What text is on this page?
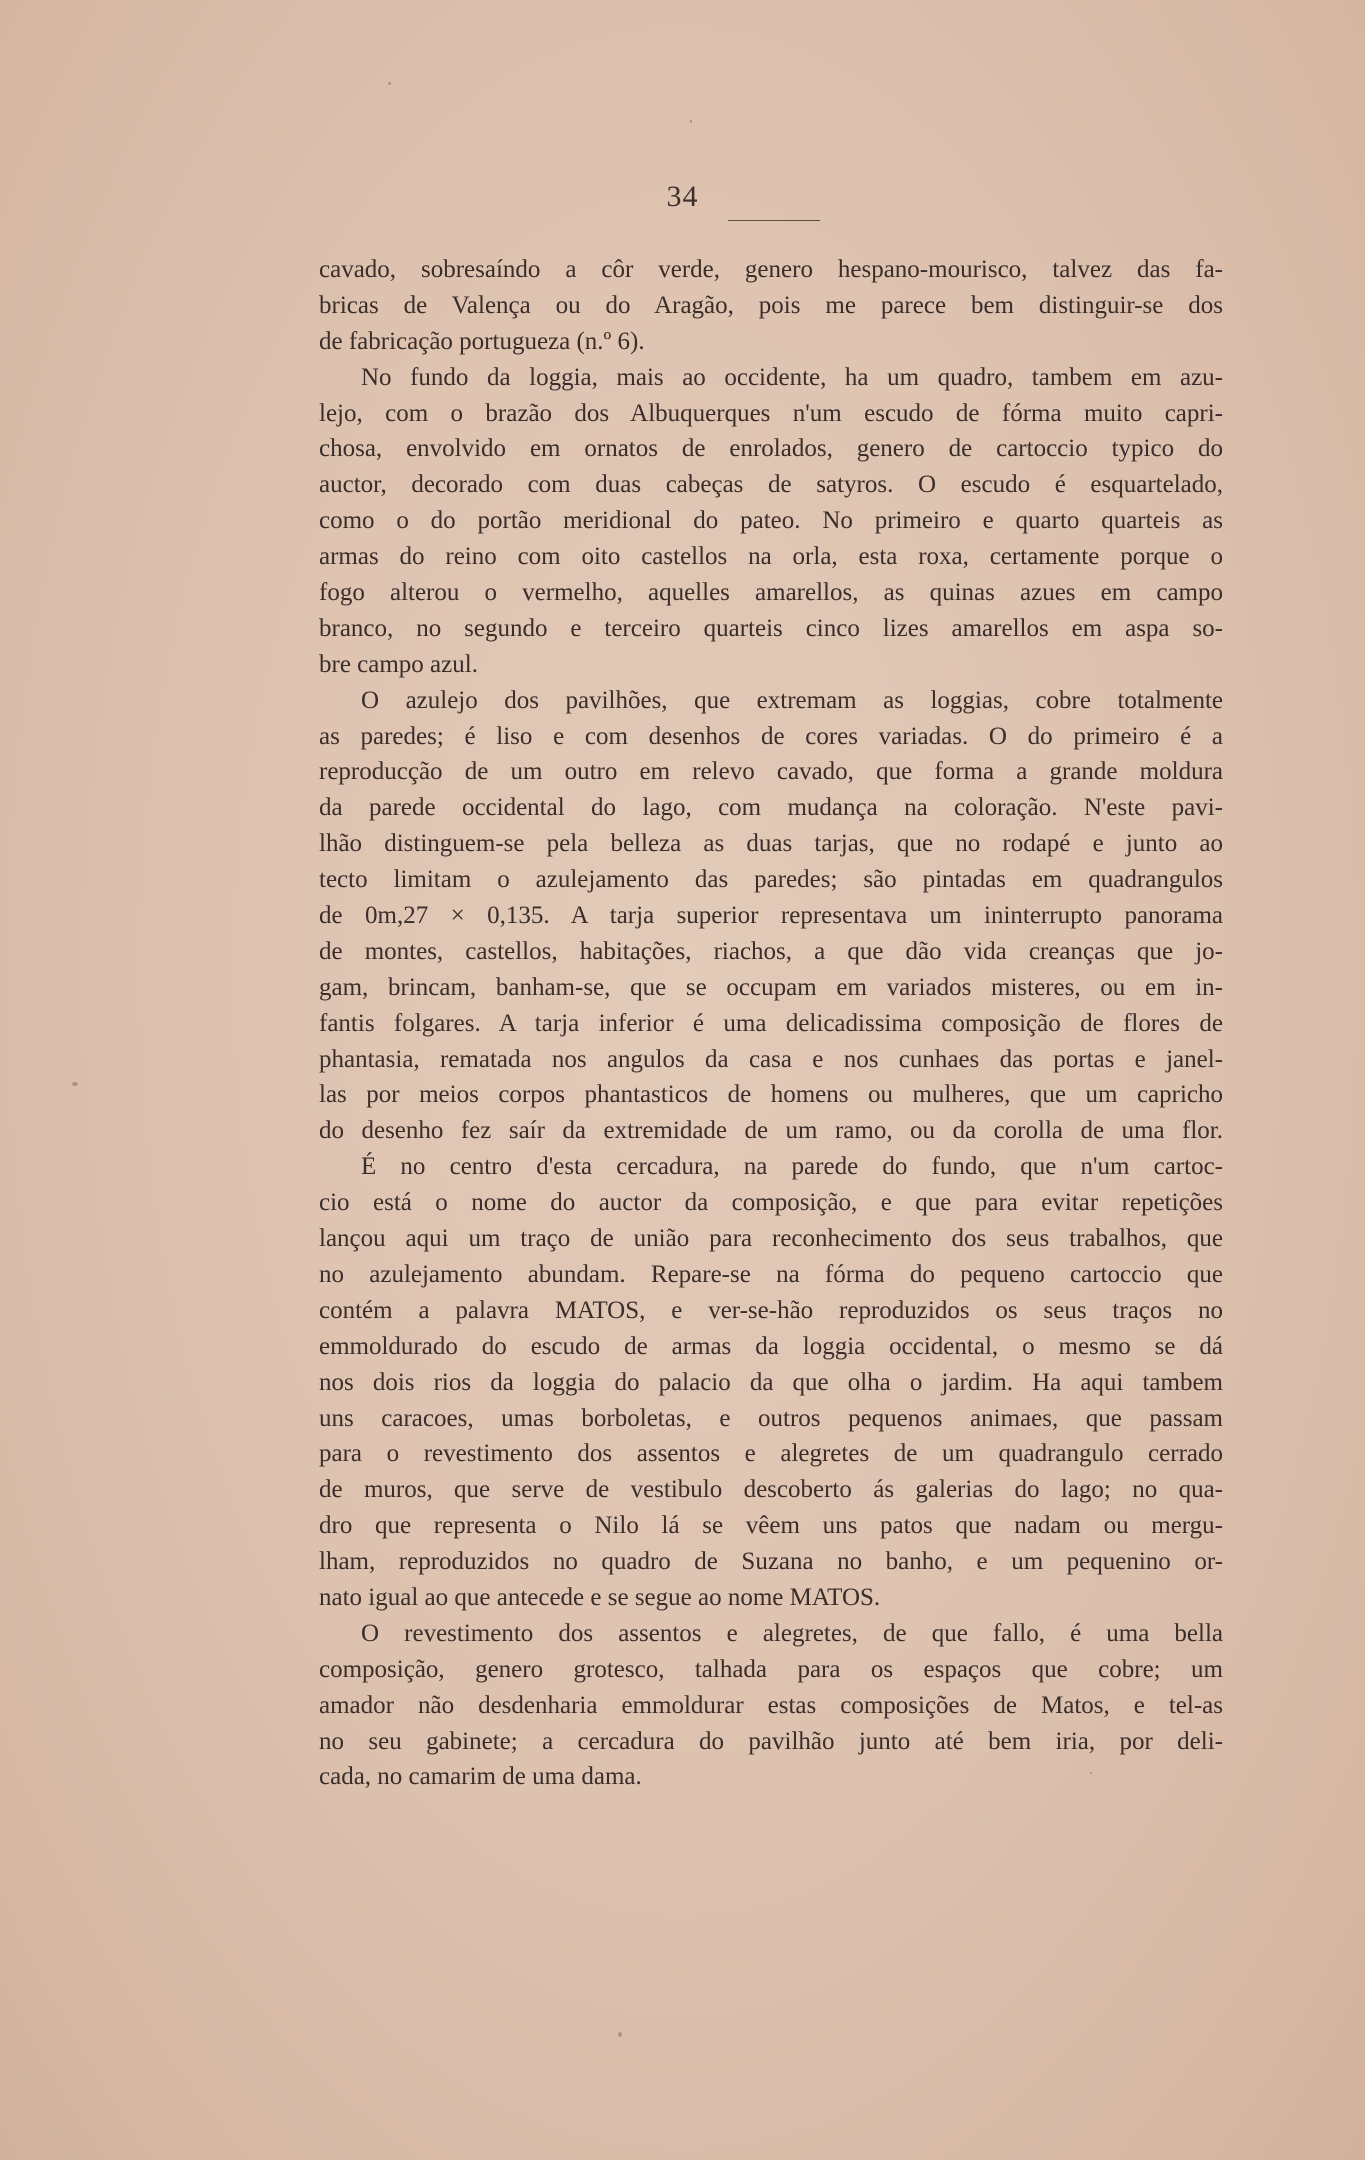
34
cavado, sobresaíndo a côr verde, genero hespano-mourisco, talvez das fa-
bricas de Valença ou do Aragão, pois me parece bem distinguir-se dos
de fabricação portugueza (n.º 6).
No fundo da loggia, mais ao occidente, ha um quadro, tambem em azu-
lejo, com o brazão dos Albuquerques n'um escudo de fórma muito capri-
chosa, envolvido em ornatos de enrolados, genero de cartoccio typico do
auctor, decorado com duas cabeças de satyros. O escudo é esquartelado,
como o do portão meridional do pateo. No primeiro e quarto quarteis as
armas do reino com oito castellos na orla, esta roxa, certamente porque o
fogo alterou o vermelho, aquelles amarellos, as quinas azues em campo
branco, no segundo e terceiro quarteis cinco lizes amarellos em aspa so-
bre campo azul.
O azulejo dos pavilhões, que extremam as loggias, cobre totalmente
as paredes; é liso e com desenhos de cores variadas. O do primeiro é a
reproducção de um outro em relevo cavado, que forma a grande moldura
da parede occidental do lago, com mudança na coloração. N'este pavi-
lhão distinguem-se pela belleza as duas tarjas, que no rodapé e junto ao
tecto limitam o azulejamento das paredes; são pintadas em quadrangulos
de 0m,27 × 0,135. A tarja superior representava um ininterrupto panorama
de montes, castellos, habitações, riachos, a que dão vida creanças que jo-
gam, brincam, banham-se, que se occupam em variados misteres, ou em in-
fantis folgares. A tarja inferior é uma delicadissima composição de flores de
phantasia, rematada nos angulos da casa e nos cunhaes das portas e janel-
las por meios corpos phantasticos de homens ou mulheres, que um capricho
do desenho fez saír da extremidade de um ramo, ou da corolla de uma flor.
É no centro d'esta cercadura, na parede do fundo, que n'um cartoc-
cio está o nome do auctor da composição, e que para evitar repetições
lançou aqui um traço de união para reconhecimento dos seus trabalhos, que
no azulejamento abundam. Repare-se na fórma do pequeno cartoccio que
contém a palavra MATOS, e ver-se-hão reproduzidos os seus traços no
emmoldurado do escudo de armas da loggia occidental, o mesmo se dá
nos dois rios da loggia do palacio da que olha o jardim. Ha aqui tambem
uns caracoes, umas borboletas, e outros pequenos animaes, que passam
para o revestimento dos assentos e alegretes de um quadrangulo cerrado
de muros, que serve de vestibulo descoberto ás galerias do lago; no qua-
dro que representa o Nilo lá se vêem uns patos que nadam ou mergu-
lham, reproduzidos no quadro de Suzana no banho, e um pequenino or-
nato igual ao que antecede e se segue ao nome MATOS.
O revestimento dos assentos e alegretes, de que fallo, é uma bella
composição, genero grotesco, talhada para os espaços que cobre; um
amador não desdenharia emmoldurar estas composições de Matos, e tel-as
no seu gabinete; a cercadura do pavilhão junto até bem iria, por deli-
cada, no camarim de uma dama.
